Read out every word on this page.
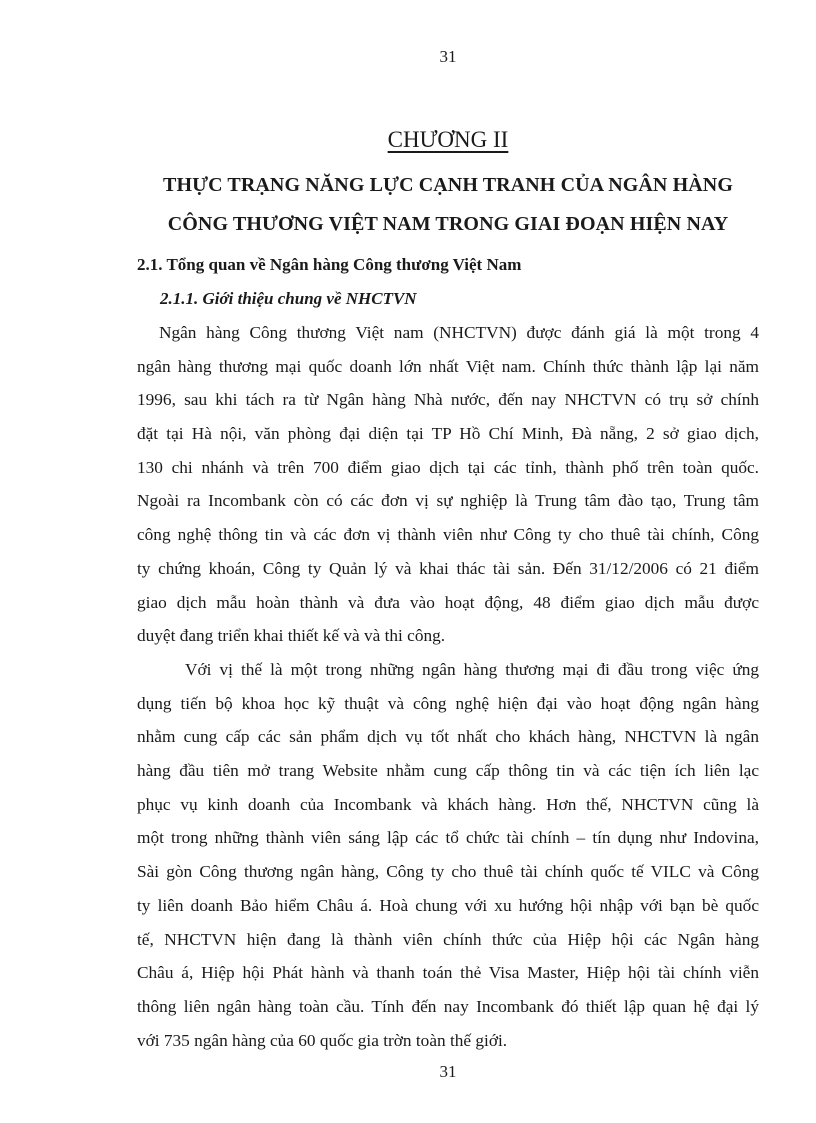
31
CHƯƠNG II
THỰC TRẠNG NĂNG LỰC CẠNH TRANH CỦA NGÂN HÀNG
CÔNG THƯƠNG VIỆT NAM TRONG GIAI ĐOẠN HIỆN NAY
2.1. Tổng quan về Ngân hàng Công thương Việt Nam
2.1.1. Giới thiệu chung về NHCTVN
Ngân hàng Công thương Việt nam (NHCTVN) được đánh giá là một trong 4
ngân hàng thương mại quốc doanh lớn nhất Việt nam. Chính thức thành lập lại năm
1996, sau khi tách ra từ Ngân hàng Nhà nước, đến nay NHCTVN có trụ sở chính
đặt tại Hà nội, văn phòng đại diện tại TP Hồ Chí Minh, Đà nẵng, 2 sở giao dịch,
130 chi nhánh và trên 700 điểm giao dịch tại các tỉnh, thành phố trên toàn quốc.
Ngoài ra Incombank còn có các đơn vị sự nghiệp là Trung tâm đào tạo, Trung tâm
công nghệ thông tin và các đơn vị thành viên như Công ty cho thuê tài chính, Công
ty chứng khoán, Công ty Quản lý và khai thác tài sản. Đến 31/12/2006 có 21 điểm
giao dịch mẫu hoàn thành và đưa vào hoạt động, 48 điểm giao dịch mẫu được
duyệt đang triển khai thiết kế và và thi công.
Với vị thế là một trong những ngân hàng thương mại đi đầu trong việc ứng
dụng tiến bộ khoa học kỹ thuật và công nghệ hiện đại vào hoạt động ngân hàng
nhằm cung cấp các sản phẩm dịch vụ tốt nhất cho khách hàng, NHCTVN là ngân
hàng đầu tiên mở trang Website nhằm cung cấp thông tin và các tiện ích liên lạc
phục vụ kinh doanh của Incombank và khách hàng. Hơn thế, NHCTVN cũng là
một trong những thành viên sáng lập các tổ chức tài chính – tín dụng như Indovina,
Sài gòn Công thương ngân hàng, Công ty cho thuê tài chính quốc tế VILC và Công
ty liên doanh Bảo hiểm Châu á. Hoà chung với xu hướng hội nhập với bạn bè quốc
tế, NHCTVN hiện đang là thành viên chính thức của Hiệp hội các Ngân hàng
Châu á, Hiệp hội Phát hành và thanh toán thẻ Visa Master, Hiệp hội tài chính viễn
thông liên ngân hàng toàn cầu. Tính đến nay Incombank đó thiết lập quan hệ đại lý
với 735 ngân hàng của 60 quốc gia trờn toàn thế giới.
31
